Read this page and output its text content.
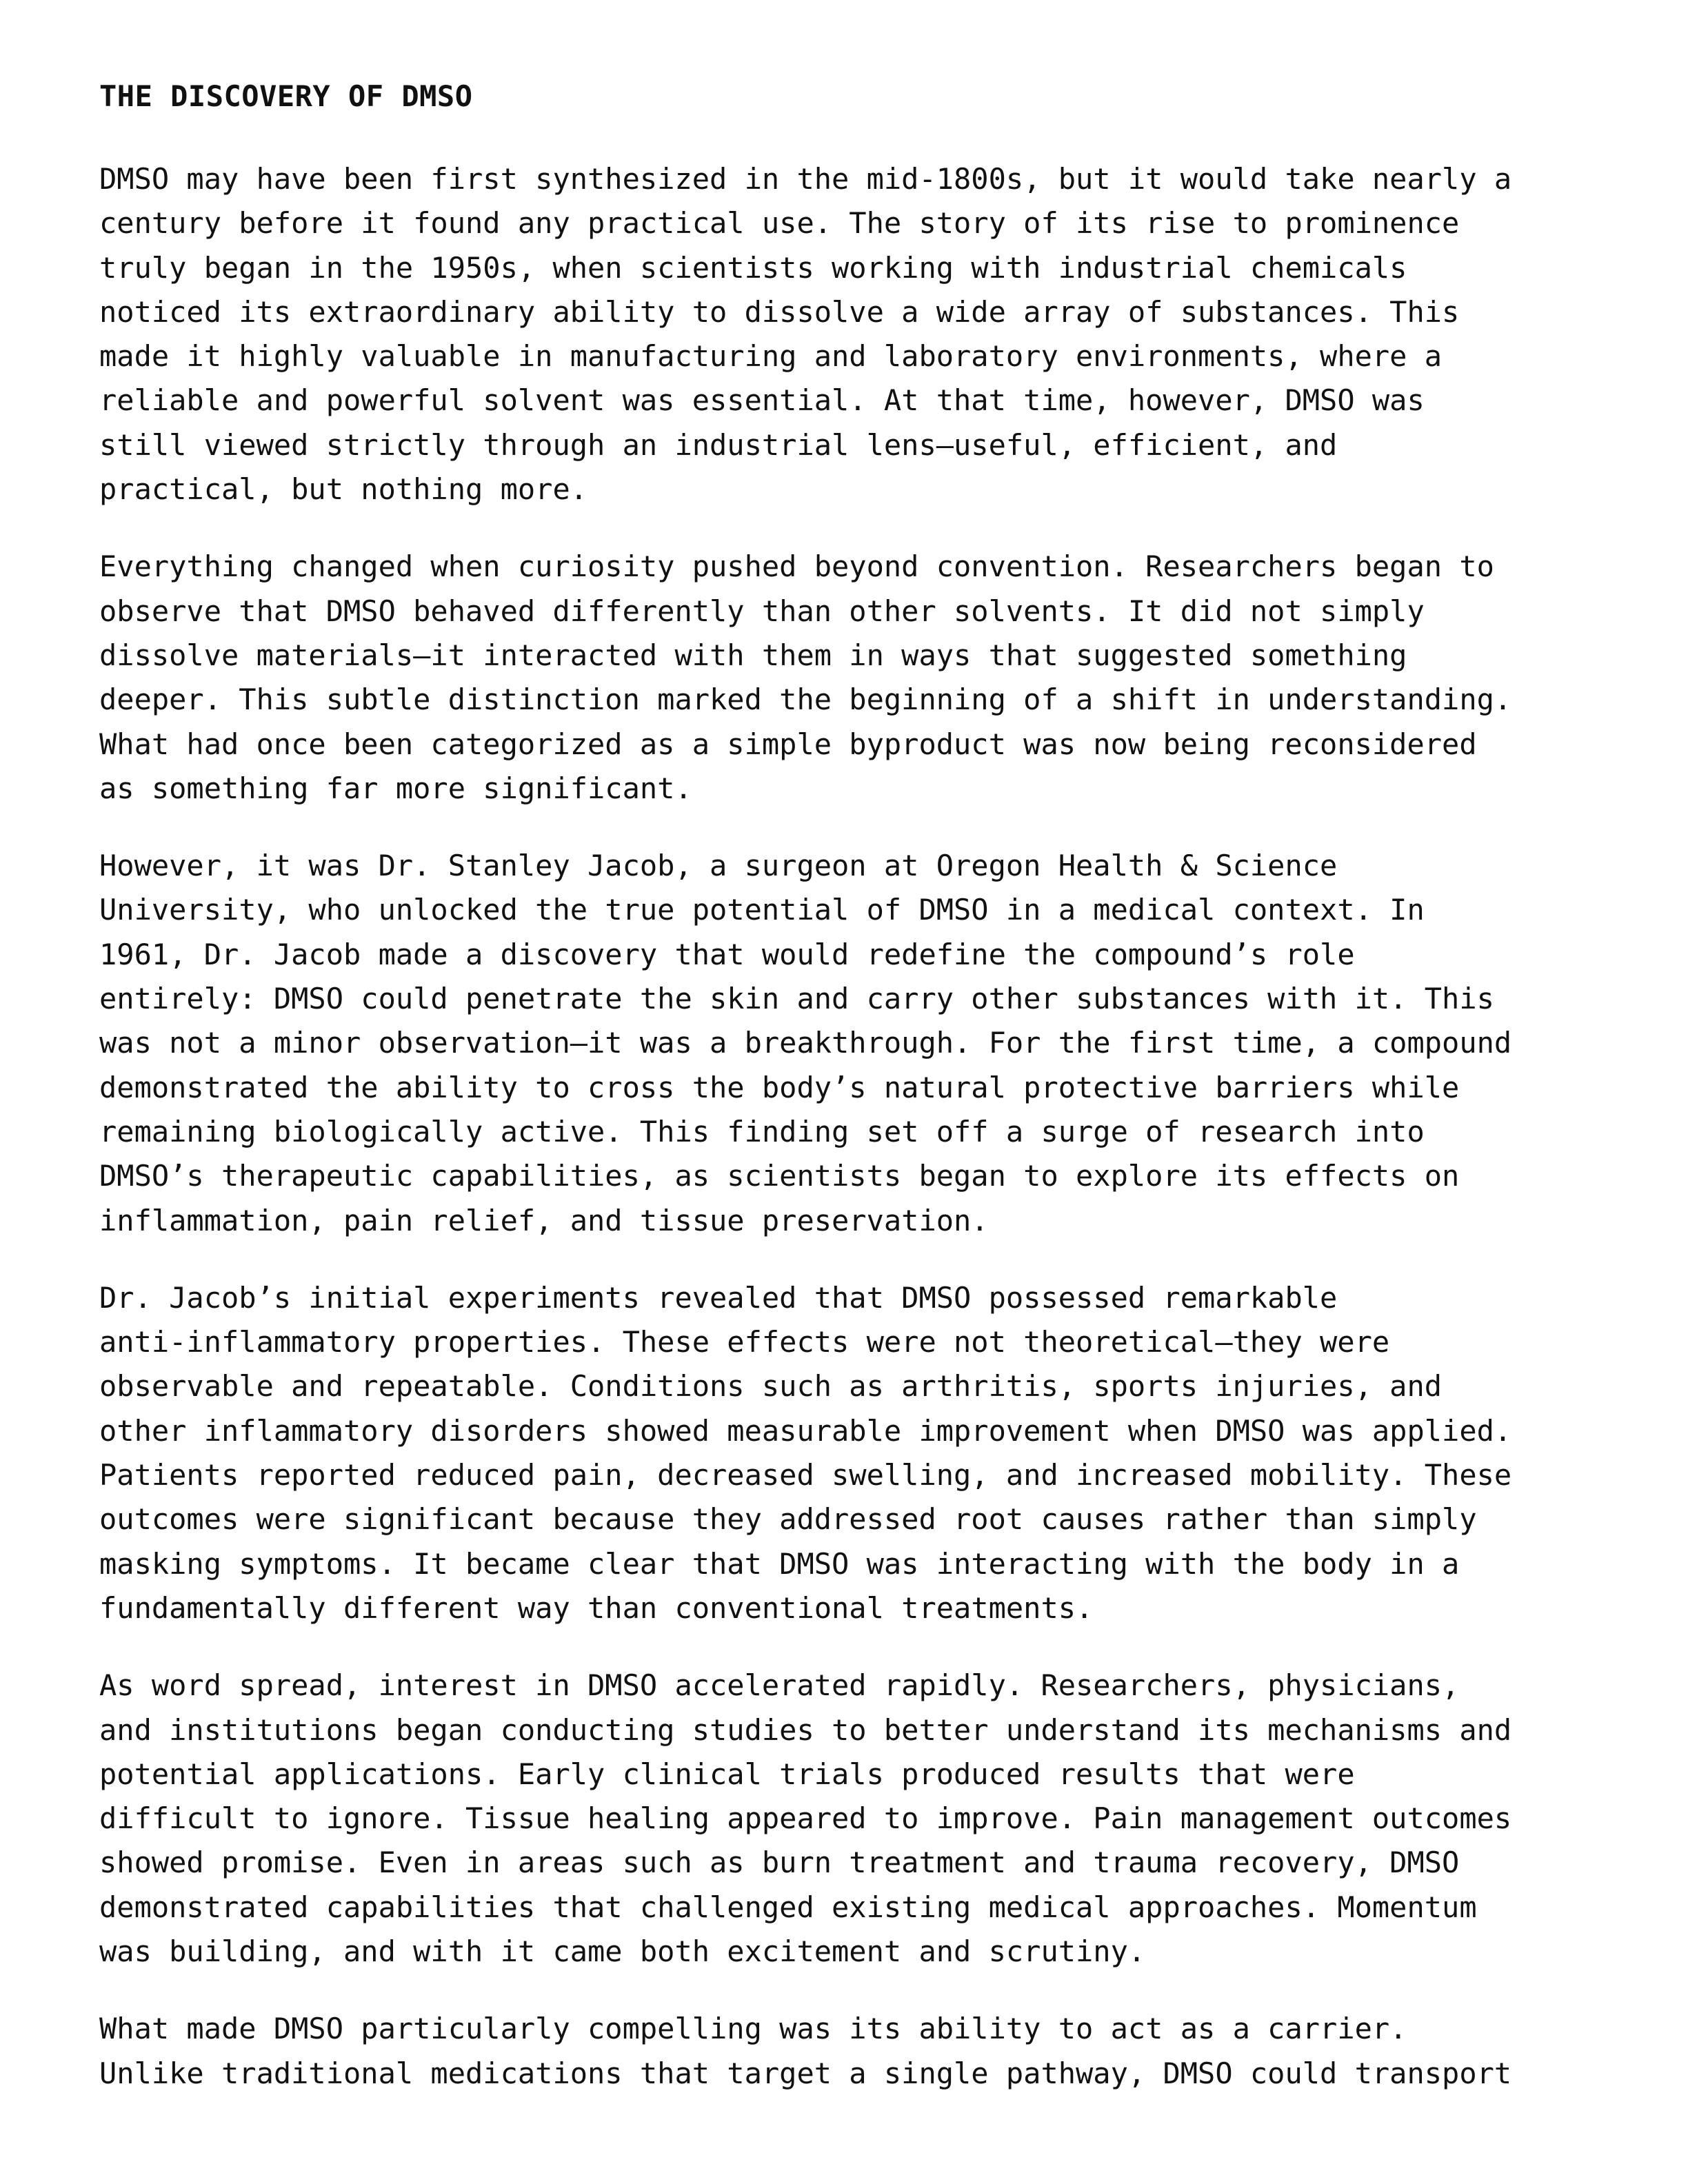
THE DISCOVERY OF DMSO
DMSO may have been first synthesized in the mid-1800s, but it would take nearly a
century before it found any practical use. The story of its rise to prominence
truly began in the 1950s, when scientists working with industrial chemicals
noticed its extraordinary ability to dissolve a wide array of substances. This
made it highly valuable in manufacturing and laboratory environments, where a
reliable and powerful solvent was essential. At that time, however, DMSO was
still viewed strictly through an industrial lens—useful, efficient, and
practical, but nothing more.
Everything changed when curiosity pushed beyond convention. Researchers began to
observe that DMSO behaved differently than other solvents. It did not simply
dissolve materials—it interacted with them in ways that suggested something
deeper. This subtle distinction marked the beginning of a shift in understanding.
What had once been categorized as a simple byproduct was now being reconsidered
as something far more significant.
However, it was Dr. Stanley Jacob, a surgeon at Oregon Health & Science
University, who unlocked the true potential of DMSO in a medical context. In
1961, Dr. Jacob made a discovery that would redefine the compound’s role
entirely: DMSO could penetrate the skin and carry other substances with it. This
was not a minor observation—it was a breakthrough. For the first time, a compound
demonstrated the ability to cross the body’s natural protective barriers while
remaining biologically active. This finding set off a surge of research into
DMSO’s therapeutic capabilities, as scientists began to explore its effects on
inflammation, pain relief, and tissue preservation.
Dr. Jacob’s initial experiments revealed that DMSO possessed remarkable
anti-inflammatory properties. These effects were not theoretical—they were
observable and repeatable. Conditions such as arthritis, sports injuries, and
other inflammatory disorders showed measurable improvement when DMSO was applied.
Patients reported reduced pain, decreased swelling, and increased mobility. These
outcomes were significant because they addressed root causes rather than simply
masking symptoms. It became clear that DMSO was interacting with the body in a
fundamentally different way than conventional treatments.
As word spread, interest in DMSO accelerated rapidly. Researchers, physicians,
and institutions began conducting studies to better understand its mechanisms and
potential applications. Early clinical trials produced results that were
difficult to ignore. Tissue healing appeared to improve. Pain management outcomes
showed promise. Even in areas such as burn treatment and trauma recovery, DMSO
demonstrated capabilities that challenged existing medical approaches. Momentum
was building, and with it came both excitement and scrutiny.
What made DMSO particularly compelling was its ability to act as a carrier.
Unlike traditional medications that target a single pathway, DMSO could transport
